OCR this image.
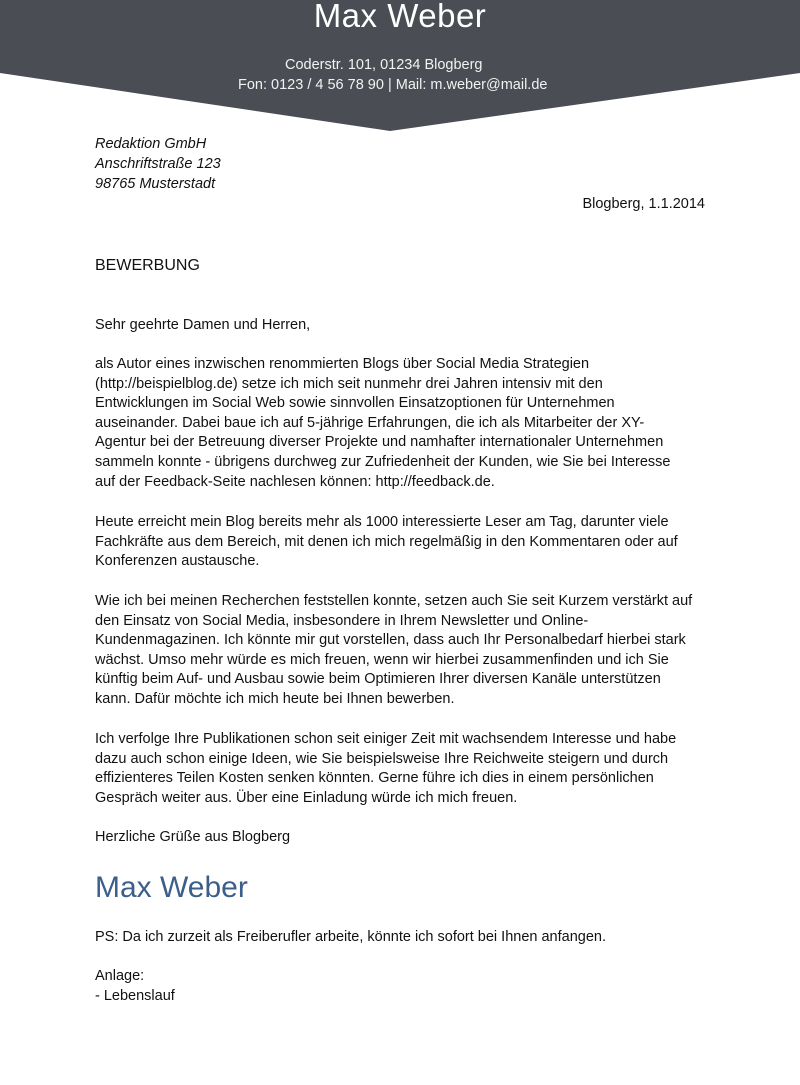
Max Weber
Coderstr. 101, 01234 Blogberg
Fon: 0123 / 4 56 78 90 | Mail: m.weber@mail.de
Redaktion GmbH
Anschriftstraße 123
98765 Musterstadt
Blogberg, 1.1.2014
BEWERBUNG
Sehr geehrte Damen und Herren,
als Autor eines inzwischen renommierten Blogs über Social Media Strategien
(http://beispielblog.de) setze ich mich seit nunmehr drei Jahren intensiv mit den
Entwicklungen im Social Web sowie sinnvollen Einsatzoptionen für Unternehmen
auseinander. Dabei baue ich auf 5-jährige Erfahrungen, die ich als Mitarbeiter der XY-
Agentur bei der Betreuung diverser Projekte und namhafter internationaler Unternehmen
sammeln konnte - übrigens durchweg zur Zufriedenheit der Kunden, wie Sie bei Interesse
auf der Feedback-Seite nachlesen können: http://feedback.de.
Heute erreicht mein Blog bereits mehr als 1000 interessierte Leser am Tag, darunter viele
Fachkräfte aus dem Bereich, mit denen ich mich regelmäßig in den Kommentaren oder auf
Konferenzen austausche.
Wie ich bei meinen Recherchen feststellen konnte, setzen auch Sie seit Kurzem verstärkt auf
den Einsatz von Social Media, insbesondere in Ihrem Newsletter und Online-
Kundenmagazinen. Ich könnte mir gut vorstellen, dass auch Ihr Personalbedarf hierbei stark
wächst. Umso mehr würde es mich freuen, wenn wir hierbei zusammenfinden und ich Sie
künftig beim Auf- und Ausbau sowie beim Optimieren Ihrer diversen Kanäle unterstützen
kann. Dafür möchte ich mich heute bei Ihnen bewerben.
Ich verfolge Ihre Publikationen schon seit einiger Zeit mit wachsendem Interesse und habe
dazu auch schon einige Ideen, wie Sie beispielsweise Ihre Reichweite steigern und durch
effizienteres Teilen Kosten senken könnten. Gerne führe ich dies in einem persönlichen
Gespräch weiter aus. Über eine Einladung würde ich mich freuen.
Herzliche Grüße aus Blogberg
Max Weber
PS: Da ich zurzeit als Freiberufler arbeite, könnte ich sofort bei Ihnen anfangen.
Anlage:
- Lebenslauf
